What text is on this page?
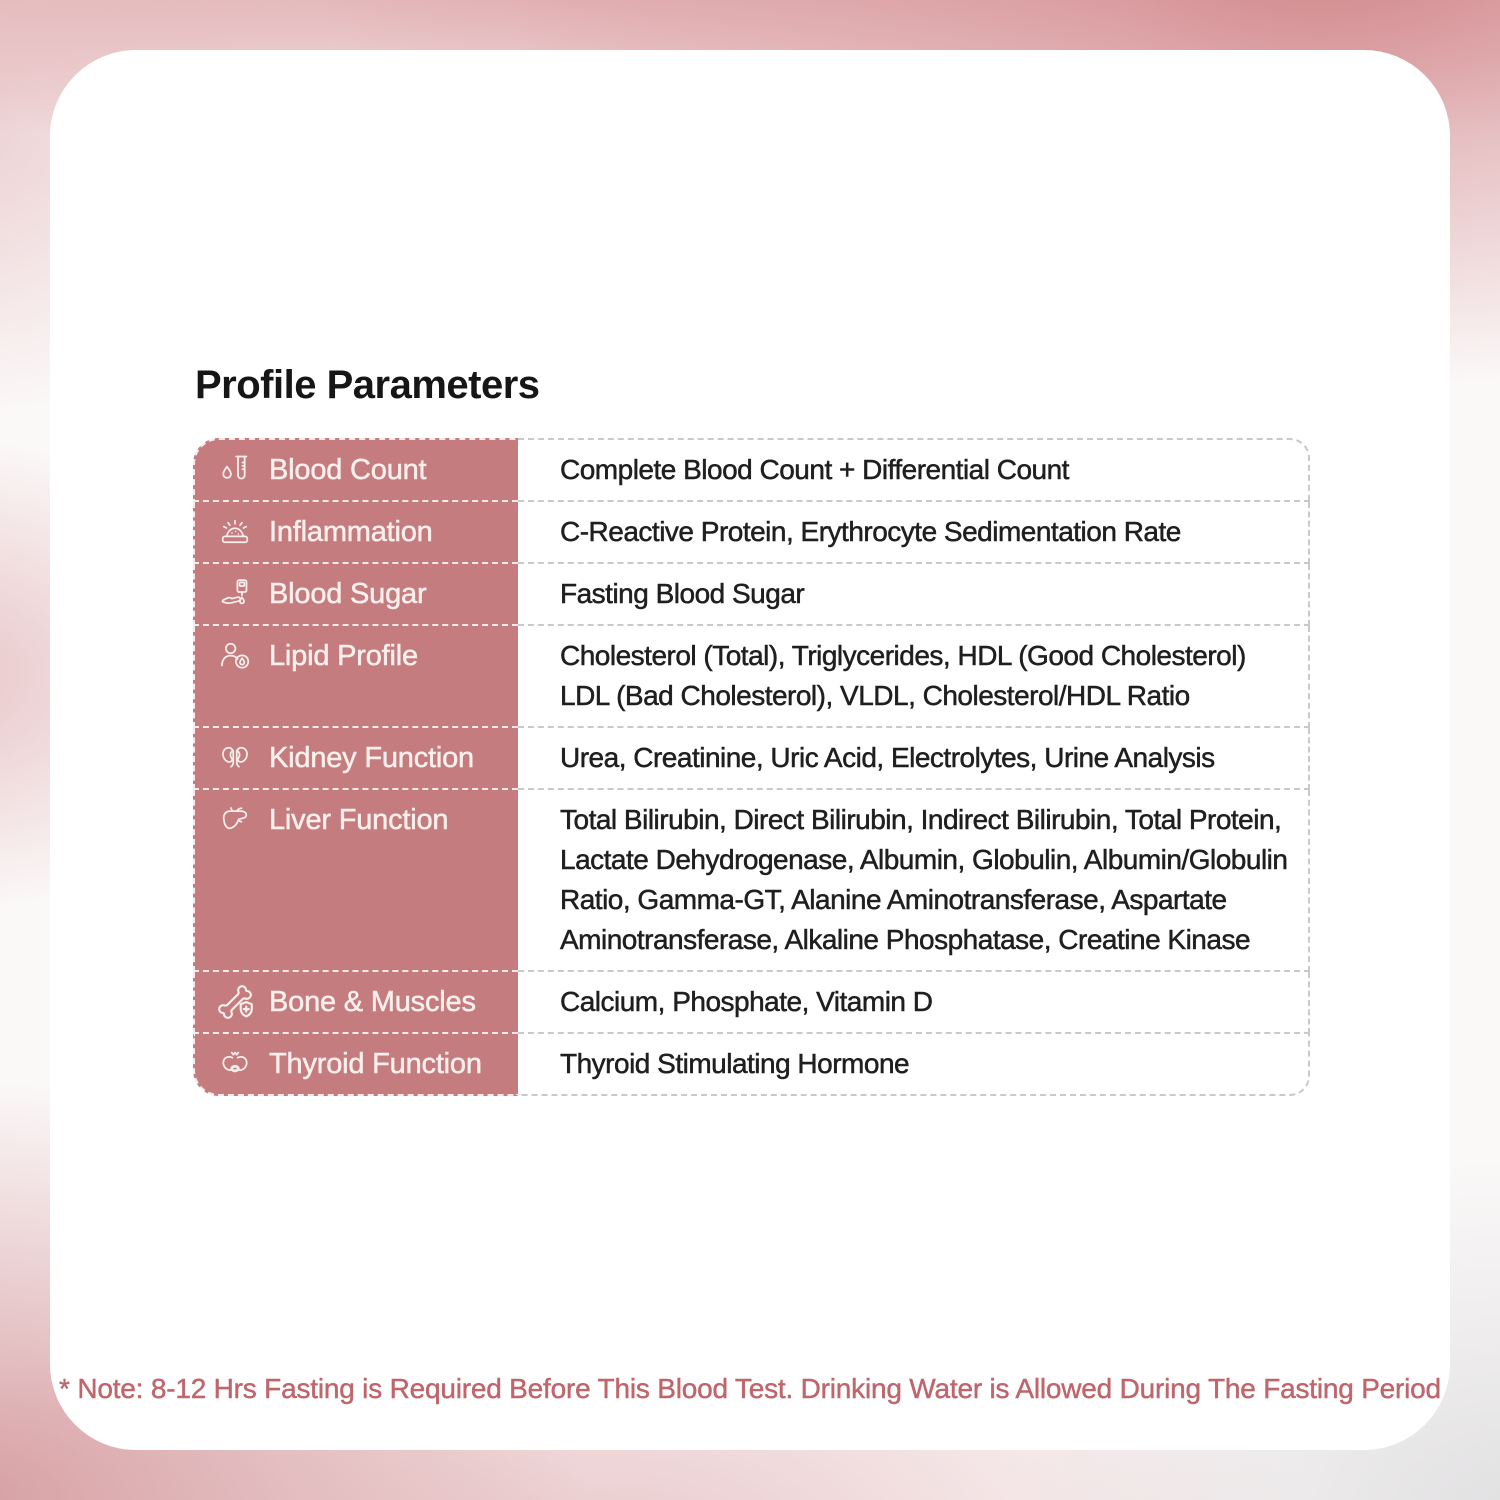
Profile Parameters
Blood Count	Complete Blood Count + Differential Count
Inflammation	C-Reactive Protein, Erythrocyte Sedimentation Rate
Blood Sugar	Fasting Blood Sugar
Lipid Profile	Cholesterol (Total), Triglycerides, HDL (Good Cholesterol) LDL (Bad Cholesterol), VLDL, Cholesterol/HDL Ratio
Kidney Function	Urea, Creatinine, Uric Acid, Electrolytes, Urine Analysis
Liver Function	Total Bilirubin, Direct Bilirubin, Indirect Bilirubin, Total Protein, Lactate Dehydrogenase, Albumin, Globulin, Albumin/Globulin Ratio, Gamma-GT, Alanine Aminotransferase, Aspartate Aminotransferase, Alkaline Phosphatase, Creatine Kinase
Bone & Muscles	Calcium, Phosphate, Vitamin D
Thyroid Function	Thyroid Stimulating Hormone
* Note: 8-12 Hrs Fasting is Required Before This Blood Test. Drinking Water is Allowed During The Fasting Period
